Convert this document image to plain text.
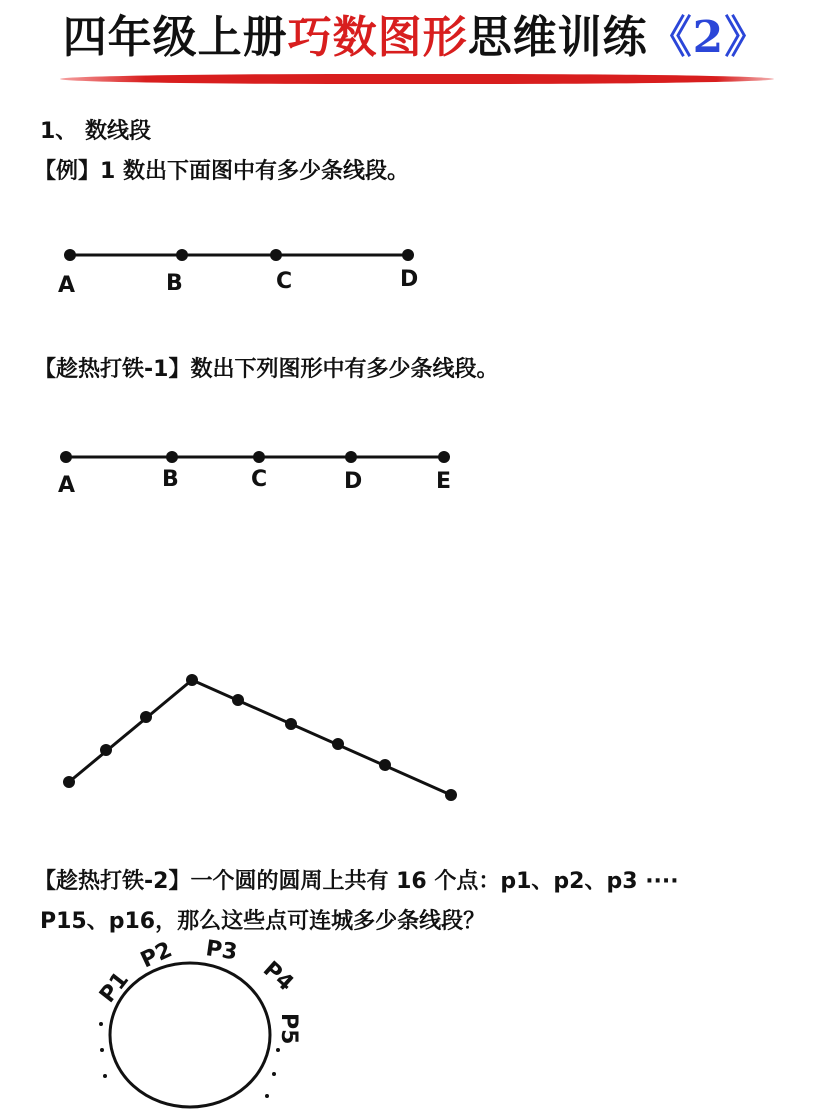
四年级上册巧数图形思维训练《2》
1、 数线段
【例】1 数出下面图中有多少条线段。
【趁热打铁-1】数出下列图形中有多少条线段。
【趁热打铁-2】一个圆的圆周上共有 16 个点：p1、p2、p3 ····
P15、p16，那么这些点可连城多少条线段？
A	B	C	D
A	B	C	D	E
P1
P2 P3
P4
P5
